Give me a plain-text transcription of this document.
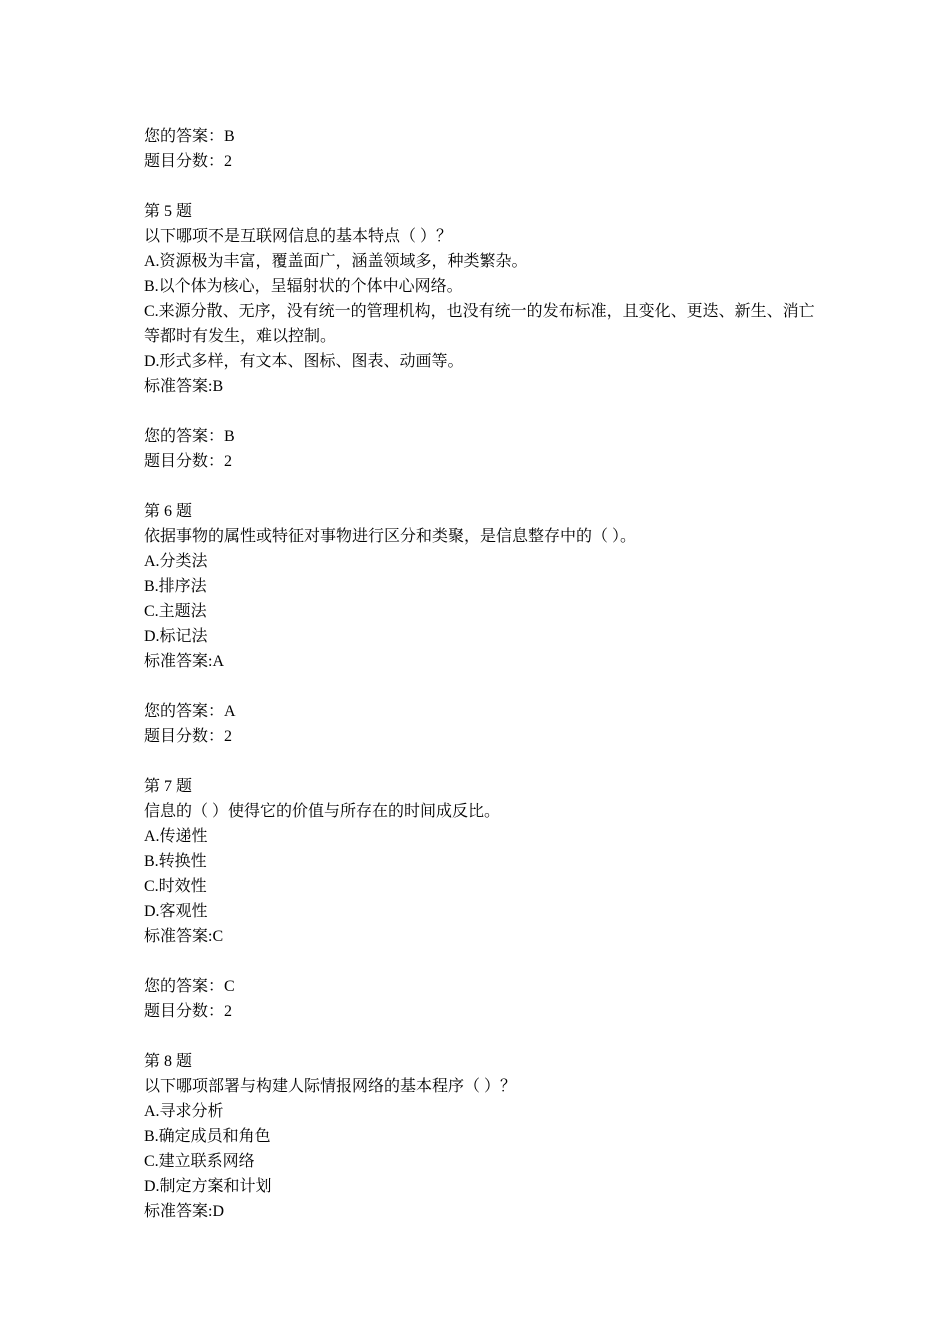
您的答案：B
题目分数：2
第 5 题
以下哪项不是互联网信息的基本特点（ ）？
A.资源极为丰富，覆盖面广，涵盖领域多，种类繁杂。
B.以个体为核心，呈辐射状的个体中心网络。
C.来源分散、无序，没有统一的管理机构，也没有统一的发布标准，且变化、更迭、新生、消亡等都时有发生，难以控制。
D.形式多样，有文本、图标、图表、动画等。
标准答案:B
您的答案：B
题目分数：2
第 6 题
依据事物的属性或特征对事物进行区分和类聚，是信息整存中的（ ）。
A.分类法
B.排序法
C.主题法
D.标记法
标准答案:A
您的答案：A
题目分数：2
第 7 题
信息的（ ）使得它的价值与所存在的时间成反比。
A.传递性
B.转换性
C.时效性
D.客观性
标准答案:C
您的答案：C
题目分数：2
第 8 题
以下哪项部署与构建人际情报网络的基本程序（ ）？
A.寻求分析
B.确定成员和角色
C.建立联系网络
D.制定方案和计划
标准答案:D
